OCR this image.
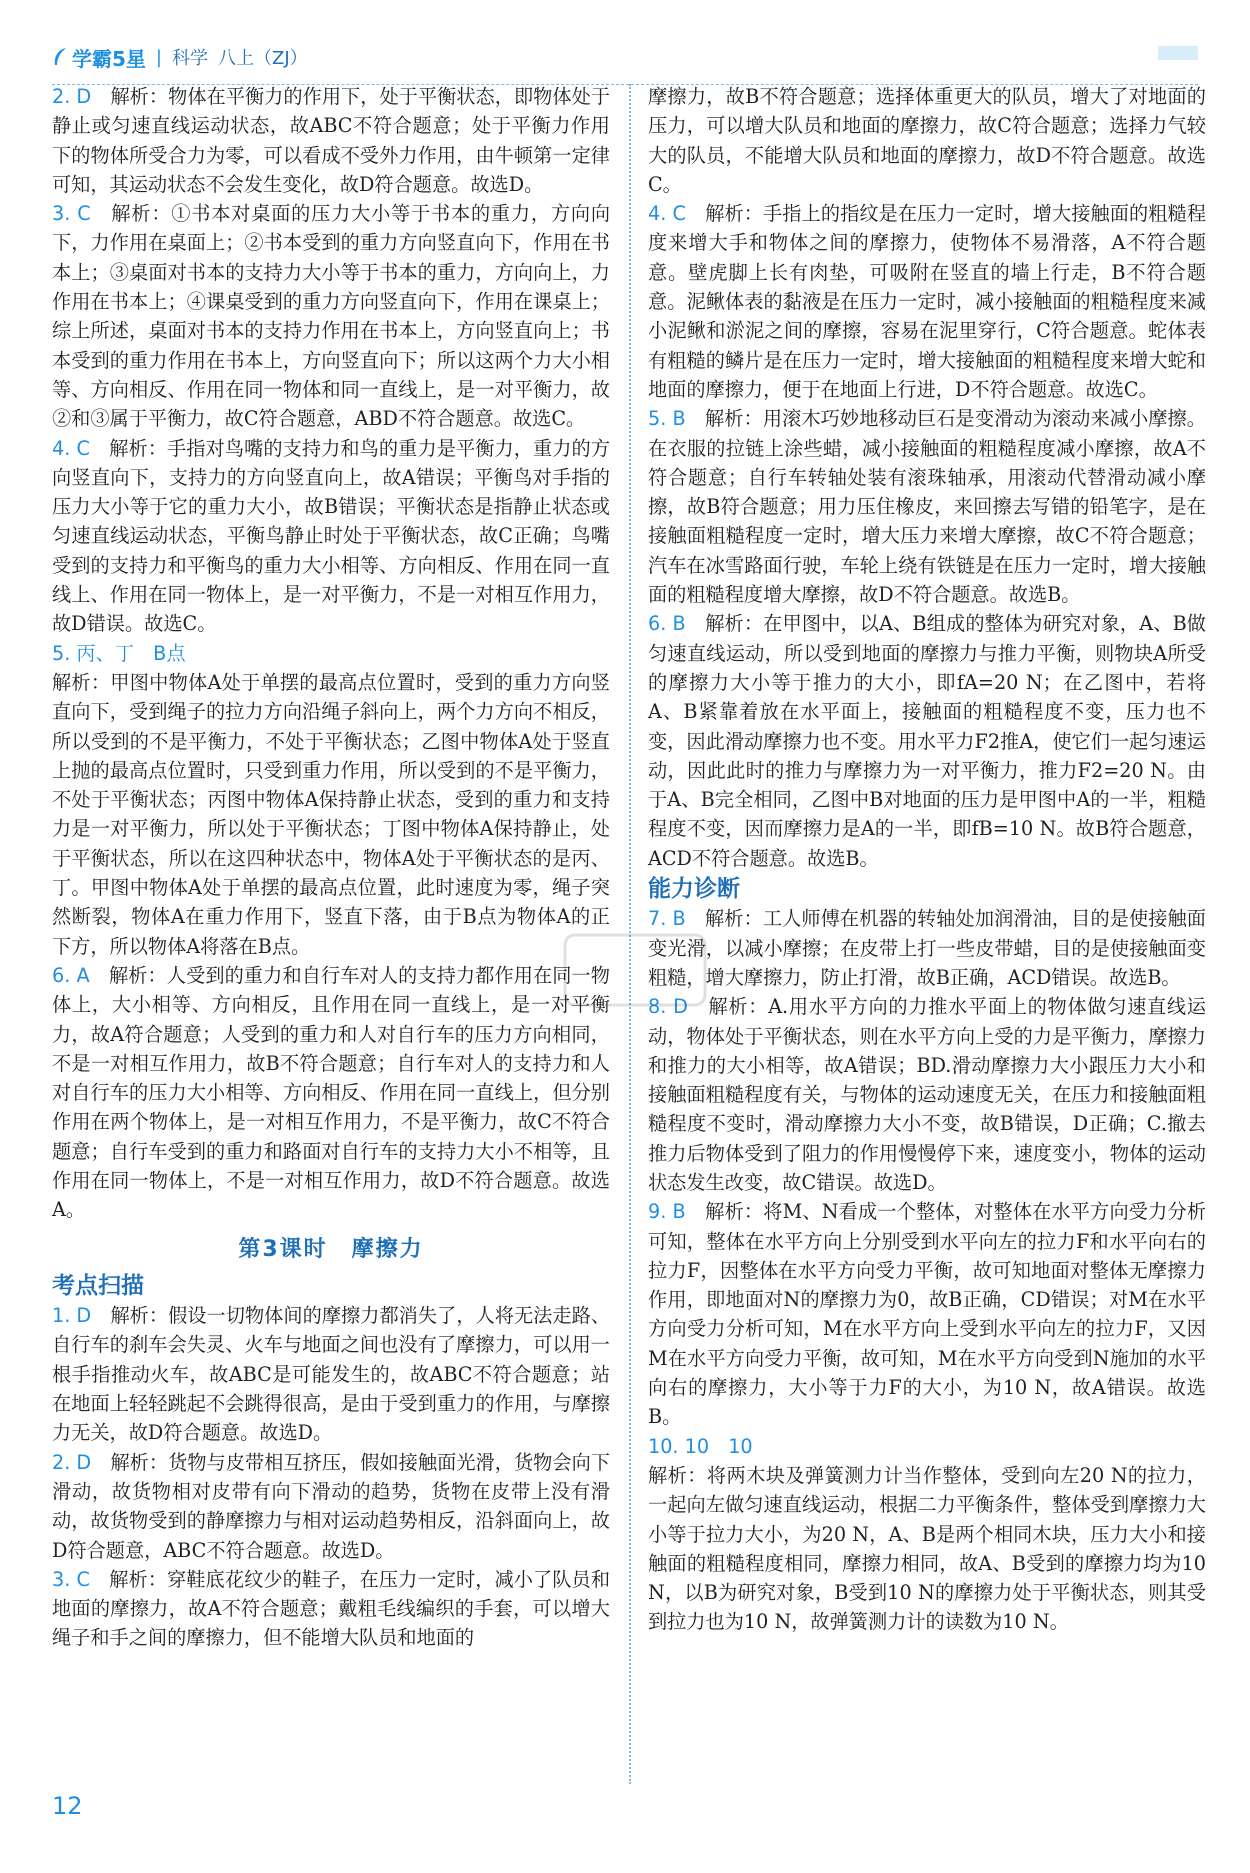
学霸5星 | 科学 八上（ZJ）

2. D　 解析：物体在平衡力的作用下，处于平衡状态，即物体处于静止或匀速直线运动状态，故ABC不符合题意；处于平衡力作用下的物体所受合力为零，可以看成不受外力作用，由牛顿第一定律可知，其运动状态不会发生变化，故D符合题意。故选D。

3. C　 解析：①书本对桌面的压力大小等于书本的重力，方向向下，力作用在桌面上；②书本受到的重力方向竖直向下，作用在书本上；③桌面对书本的支持力大小等于书本的重力，方向向上，力作用在书本上；④课桌受到的重力方向竖直向下，作用在课桌上；综上所述，桌面对书本的支持力作用在书本上，方向竖直向上；书本受到的重力作用在书本上，方向竖直向下；所以这两个力大小相等、方向相反、作用在同一物体和同一直线上，是一对平衡力，故②和③属于平衡力，故C符合题意，ABD不符合题意。故选C。

4. C　 解析：手指对鸟嘴的支持力和鸟的重力是平衡力，重力的方向竖直向下，支持力的方向竖直向上，故A错误；平衡鸟对手指的压力大小等于它的重力大小，故B错误；平衡状态是指静止状态或匀速直线运动状态，平衡鸟静止时处于平衡状态，故C正确；鸟嘴受到的支持力和平衡鸟的重力大小相等、方向相反、作用在同一直线上、作用在同一物体上，是一对平衡力，不是一对相互作用力，故D错误。故选C。

5. 丙、丁　B点

解析：甲图中物体A处于单摆的最高点位置时，受到的重力方向竖直向下，受到绳子的拉力方向沿绳子斜向上，两个力方向不相反，所以受到的不是平衡力，不处于平衡状态；乙图中物体A处于竖直上抛的最高点位置时，只受到重力作用，所以受到的不是平衡力，不处于平衡状态；丙图中物体A保持静止状态，受到的重力和支持力是一对平衡力，所以处于平衡状态；丁图中物体A保持静止，处于平衡状态，所以在这四种状态中，物体A处于平衡状态的是丙、丁。甲图中物体A处于单摆的最高点位置，此时速度为零，绳子突然断裂，物体A在重力作用下，竖直下落，由于B点为物体A的正下方，所以物体A将落在B点。

6. A　 解析：人受到的重力和自行车对人的支持力都作用在同一物体上，大小相等、方向相反，且作用在同一直线上，是一对平衡力，故A符合题意；人受到的重力和人对自行车的压力方向相同，不是一对相互作用力，故B不符合题意；自行车对人的支持力和人对自行车的压力大小相等、方向相反、作用在同一直线上，但分别作用在两个物体上，是一对相互作用力，不是平衡力，故C不符合题意；自行车受到的重力和路面对自行车的支持力大小不相等，且作用在同一物体上，不是一对相互作用力，故D不符合题意。故选A。

第3课时　摩擦力
考点扫描

1. D　 解析：假设一切物体间的摩擦力都消失了，人将无法走路、自行车的刹车会失灵、火车与地面之间也没有了摩擦力，可以用一根手指推动火车，故ABC是可能发生的，故ABC不符合题意；站在地面上轻轻跳起不会跳得很高，是由于受到重力的作用，与摩擦力无关，故D符合题意。故选D。

2. D　 解析：货物与皮带相互挤压，假如接触面光滑，货物会向下滑动，故货物相对皮带有向下滑动的趋势，货物在皮带上没有滑动，故货物受到的静摩擦力与相对运动趋势相反，沿斜面向上，故D符合题意，ABC不符合题意。故选D。

3. C　 解析：穿鞋底花纹少的鞋子，在压力一定时，减小了队员和地面的摩擦力，故A不符合题意；戴粗毛线编织的手套，可以增大绳子和手之间的摩擦力，但不能增大队员和地面的

摩擦力，故B不符合题意；选择体重更大的队员，增大了对地面的压力，可以增大队员和地面的摩擦力，故C符合题意；选择力气较大的队员，不能增大队员和地面的摩擦力，故D不符合题意。故选C。

4. C　 解析：手指上的指纹是在压力一定时，增大接触面的粗糙程度来增大手和物体之间的摩擦力，使物体不易滑落，A不符合题意。壁虎脚上长有肉垫，可吸附在竖直的墙上行走，B不符合题意。泥鳅体表的黏液是在压力一定时，减小接触面的粗糙程度来减小泥鳅和淤泥之间的摩擦，容易在泥里穿行，C符合题意。蛇体表有粗糙的鳞片是在压力一定时，增大接触面的粗糙程度来增大蛇和地面的摩擦力，便于在地面上行进，D不符合题意。故选C。

5. B　 解析：用滚木巧妙地移动巨石是变滑动为滚动来减小摩擦。在衣服的拉链上涂些蜡，减小接触面的粗糙程度减小摩擦，故A不符合题意；自行车转轴处装有滚珠轴承，用滚动代替滑动减小摩擦，故B符合题意；用力压住橡皮，来回擦去写错的铅笔字，是在接触面粗糙程度一定时，增大压力来增大摩擦，故C不符合题意；汽车在冰雪路面行驶，车轮上绕有铁链是在压力一定时，增大接触面的粗糙程度增大摩擦，故D不符合题意。故选B。

6. B　 解析：在甲图中，以A、B组成的整体为研究对象，A、B做匀速直线运动，所以受到地面的摩擦力与推力平衡，则物块A所受的摩擦力大小等于推力的大小，即fA=20 N；在乙图中，若将A、B紧靠着放在水平面上，接触面的粗糙程度不变，压力也不变，因此滑动摩擦力也不变。用水平力F2推A，使它们一起匀速运动，因此此时的推力与摩擦力为一对平衡力，推力F2=20 N。由于A、B完全相同，乙图中B对地面的压力是甲图中A的一半，粗糙程度不变，因而摩擦力是A的一半，即fB=10 N。故B符合题意，ACD不符合题意。故选B。

能力诊断

7. B　 解析：工人师傅在机器的转轴处加润滑油，目的是使接触面变光滑，以减小摩擦；在皮带上打一些皮带蜡，目的是使接触面变粗糙，增大摩擦力，防止打滑，故B正确，ACD错误。故选B。

8. D　 解析：A.用水平方向的力推水平面上的物体做匀速直线运动，物体处于平衡状态，则在水平方向上受的力是平衡力，摩擦力和推力的大小相等，故A错误；BD.滑动摩擦力大小跟压力大小和接触面粗糙程度有关，与物体的运动速度无关，在压力和接触面粗糙程度不变时，滑动摩擦力大小不变，故B错误，D正确；C.撤去推力后物体受到了阻力的作用慢慢停下来，速度变小，物体的运动状态发生改变，故C错误。故选D。

9. B　 解析：将M、N看成一个整体，对整体在水平方向受力分析可知，整体在水平方向上分别受到水平向左的拉力F和水平向右的拉力F，因整体在水平方向受力平衡，故可知地面对整体无摩擦力作用，即地面对N的摩擦力为0，故B正确，CD错误；对M在水平方向受力分析可知，M在水平方向上受到水平向左的拉力F，又因M在水平方向受力平衡，故可知，M在水平方向受到N施加的水平向右的摩擦力，大小等于力F的大小，为10 N，故A错误。故选B。

10. 10　10

解析：将两木块及弹簧测力计当作整体，受到向左20 N的拉力，一起向左做匀速直线运动，根据二力平衡条件，整体受到摩擦力大小等于拉力大小，为20 N，A、B是两个相同木块，压力大小和接触面的粗糙程度相同，摩擦力相同，故A、B受到的摩擦力均为10 N，以B为研究对象，B受到10 N的摩擦力处于平衡状态，则其受到拉力也为10 N，故弹簧测力计的读数为10 N。

12
